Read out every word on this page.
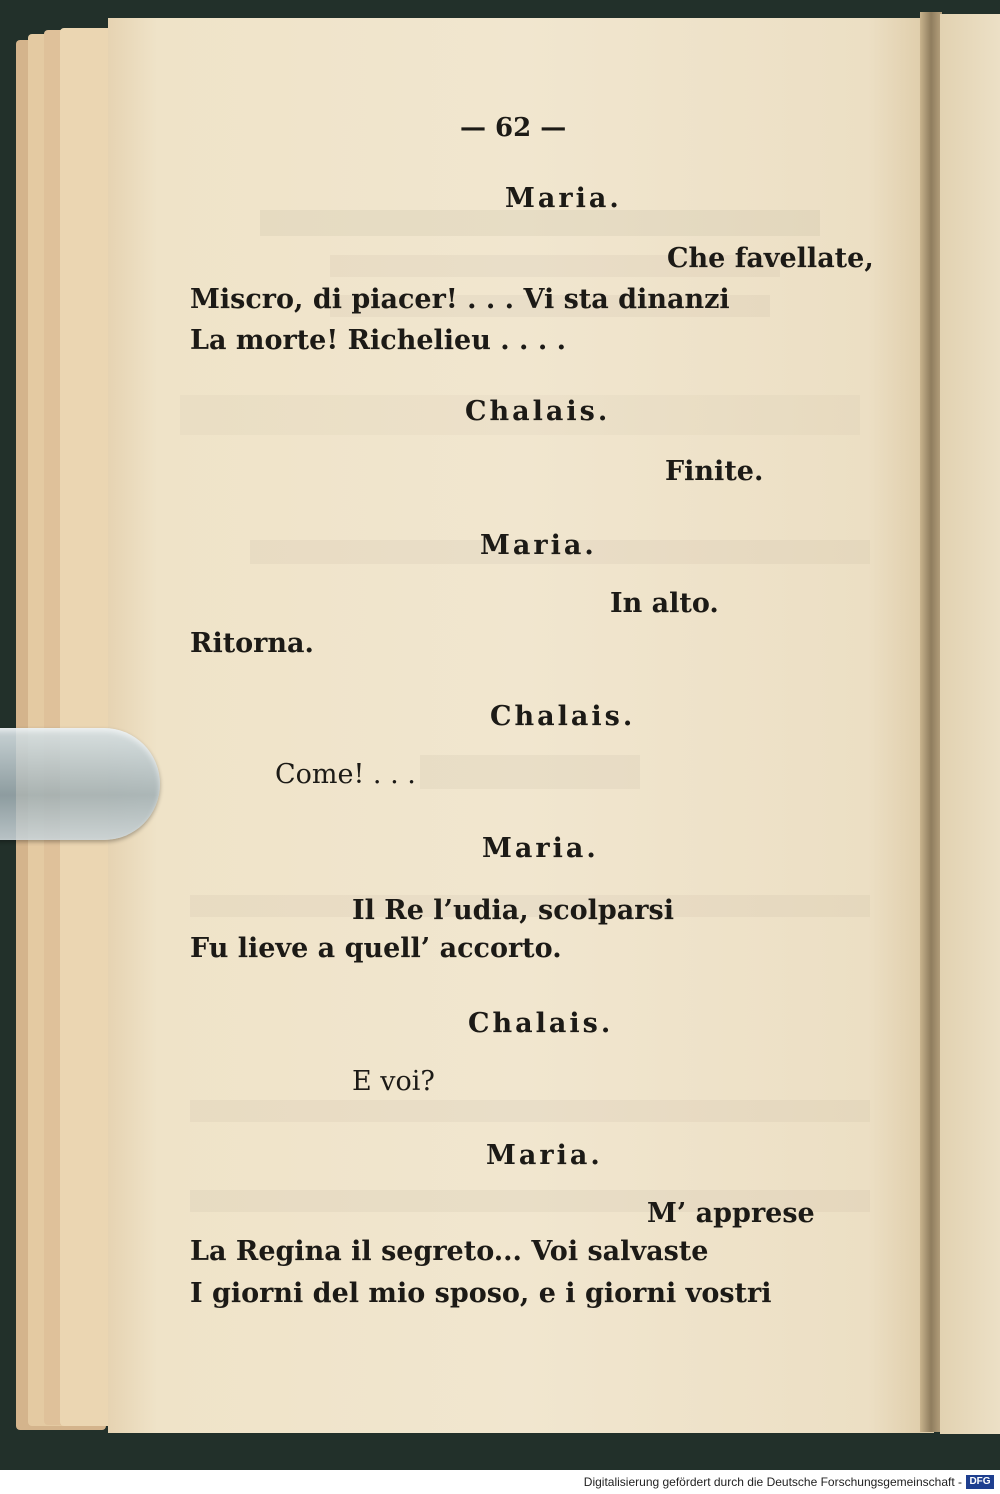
— 62 —
Maria.
Che favellate,
Miscro, di piacer! . . . Vi sta dinanzi
La morte! Richelieu . . . .
Chalais.
Finite.
Maria.
In alto.
Ritorna.
Chalais.
Come! . . .
Maria.
Il Re l’udia, scolparsi
Fu lieve a quell’ accorto.
Chalais.
E voi?
Maria.
M’ apprese
La Regina il segreto... Voi salvaste
I giorni del mio sposo, e i giorni vostri
Digitalisierung gefördert durch die Deutsche Forschungsgemeinschaft - DFG
